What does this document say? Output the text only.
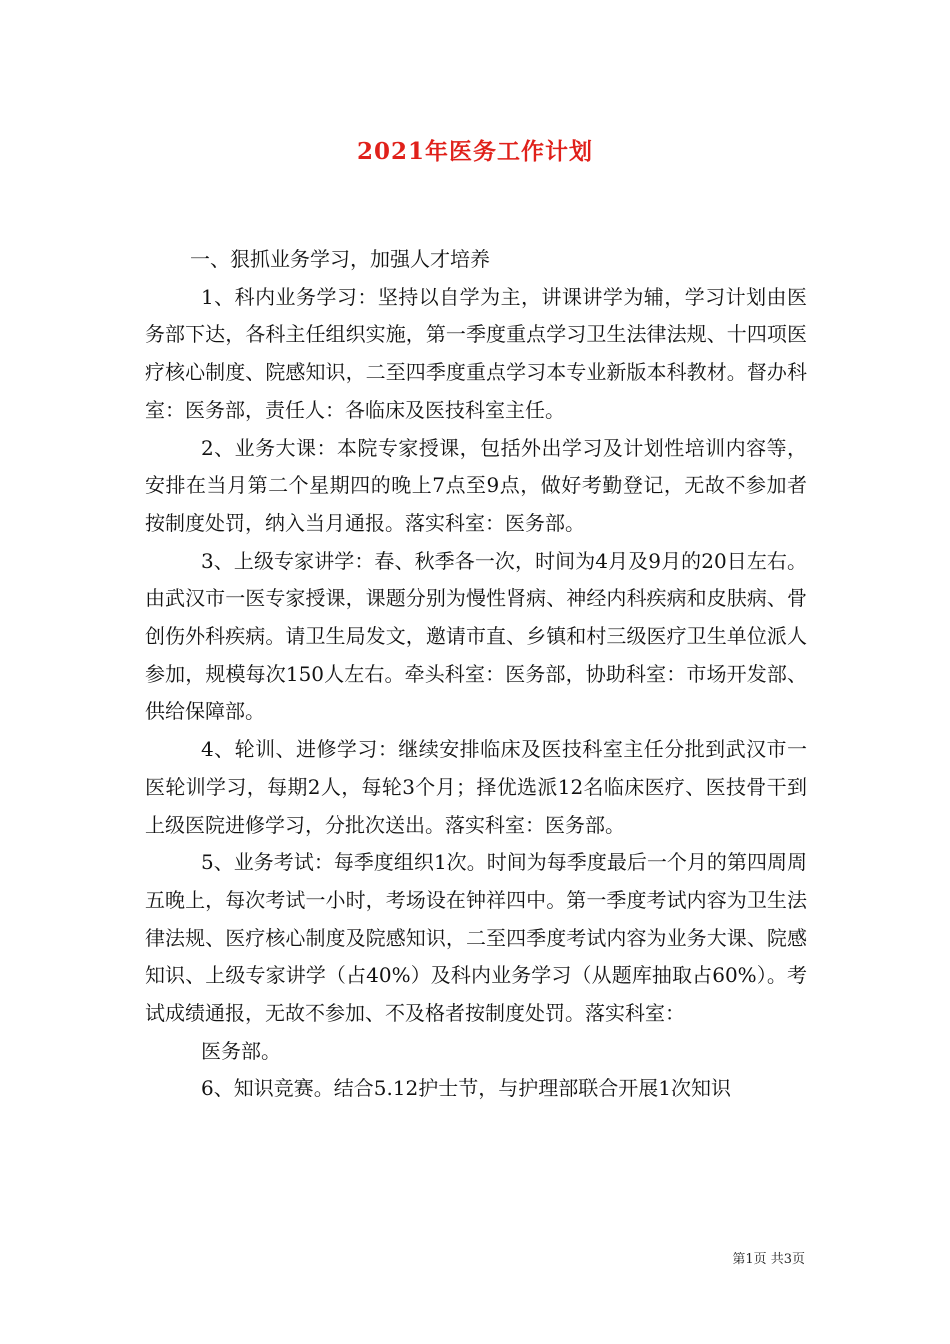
2021年医务工作计划

一、狠抓业务学习，加强人才培养

1、科内业务学习：坚持以自学为主，讲课讲学为辅，学习计划由医务部下达，各科主任组织实施，第一季度重点学习卫生法律法规、十四项医疗核心制度、院感知识，二至四季度重点学习本专业新版本科教材。督办科室：医务部，责任人：各临床及医技科室主任。

2、业务大课：本院专家授课，包括外出学习及计划性培训内容等，安排在当月第二个星期四的晚上7点至9点，做好考勤登记，无故不参加者按制度处罚，纳入当月通报。落实科室：医务部。

3、上级专家讲学：春、秋季各一次，时间为4月及9月的20日左右。由武汉市一医专家授课，课题分别为慢性肾病、神经内科疾病和皮肤病、骨创伤外科疾病。请卫生局发文，邀请市直、乡镇和村三级医疗卫生单位派人参加，规模每次150人左右。牵头科室：医务部，协助科室：市场开发部、供给保障部。

4、轮训、进修学习：继续安排临床及医技科室主任分批到武汉市一医轮训学习，每期2人，每轮3个月；择优选派12名临床医疗、医技骨干到上级医院进修学习，分批次送出。落实科室：医务部。

5、业务考试：每季度组织1次。时间为每季度最后一个月的第四周周五晚上，每次考试一小时，考场设在钟祥四中。第一季度考试内容为卫生法律法规、医疗核心制度及院感知识，二至四季度考试内容为业务大课、院感知识、上级专家讲学（占40%）及科内业务学习（从题库抽取占60%）。考试成绩通报，无故不参加、不及格者按制度处罚。落实科室：

医务部。

6、知识竞赛。结合5.12护士节，与护理部联合开展1次知识

第1页 共3页
